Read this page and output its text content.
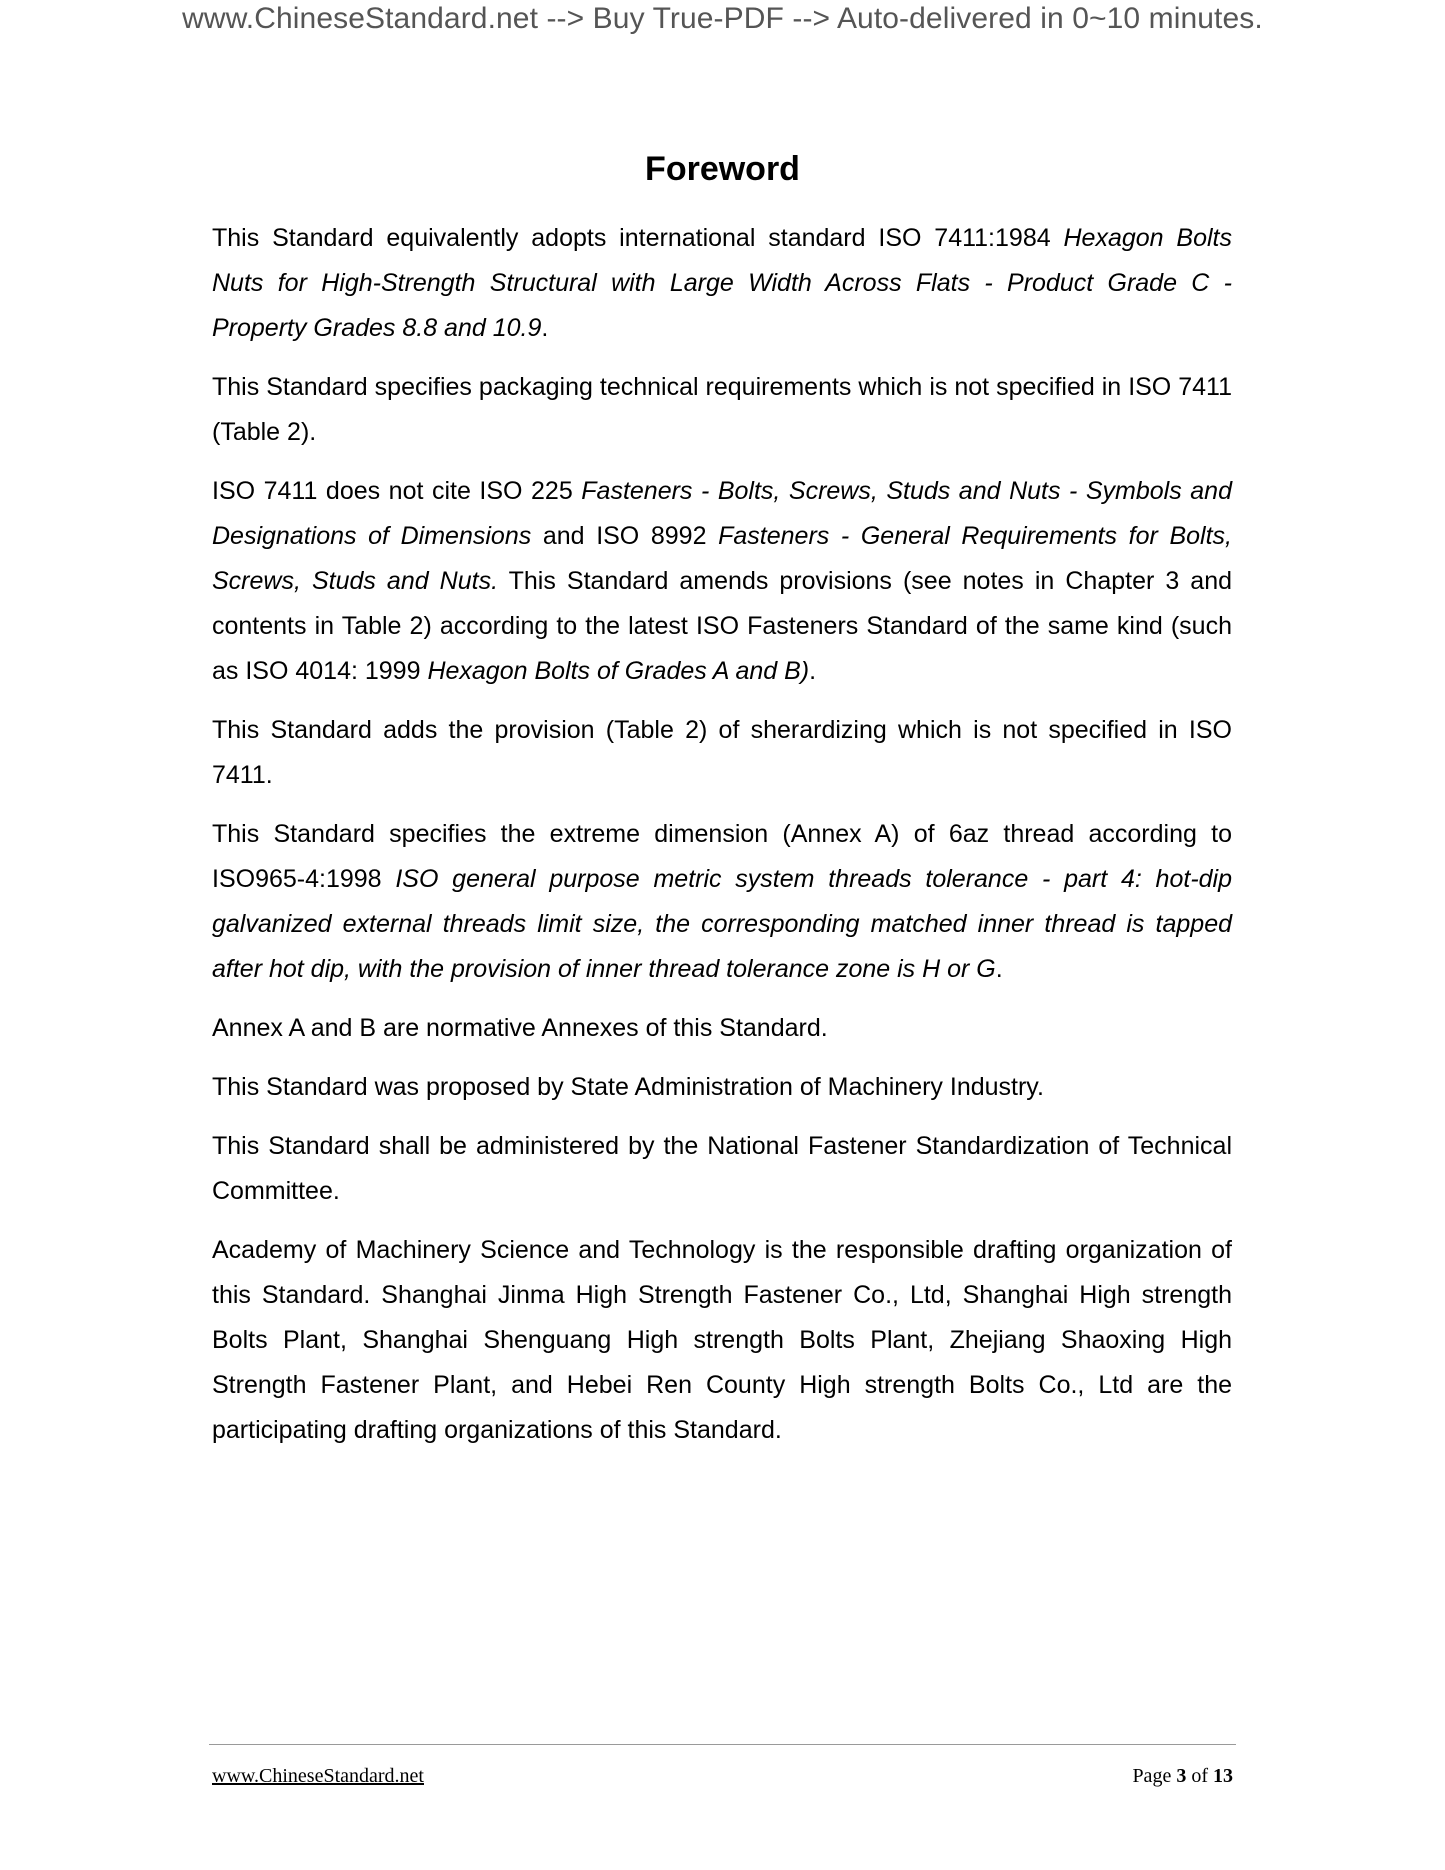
www.ChineseStandard.net --> Buy True-PDF --> Auto-delivered in 0~10 minutes.
Foreword

This Standard equivalently adopts international standard ISO 7411:1984 Hexagon Bolts Nuts for High-Strength Structural with Large Width Across Flats - Product Grade C - Property Grades 8.8 and 10.9.

This Standard specifies packaging technical requirements which is not specified in ISO 7411 (Table 2).

ISO 7411 does not cite ISO 225 Fasteners - Bolts, Screws, Studs and Nuts - Symbols and Designations of Dimensions and ISO 8992 Fasteners - General Requirements for Bolts, Screws, Studs and Nuts. This Standard amends provisions (see notes in Chapter 3 and contents in Table 2) according to the latest ISO Fasteners Standard of the same kind (such as ISO 4014: 1999 Hexagon Bolts of Grades A and B).

This Standard adds the provision (Table 2) of sherardizing which is not specified in ISO 7411.

This Standard specifies the extreme dimension (Annex A) of 6az thread according to ISO965-4:1998 ISO general purpose metric system threads tolerance - part 4: hot-dip galvanized external threads limit size, the corresponding matched inner thread is tapped after hot dip, with the provision of inner thread tolerance zone is H or G.

Annex A and B are normative Annexes of this Standard.

This Standard was proposed by State Administration of Machinery Industry.

This Standard shall be administered by the National Fastener Standardization of Technical Committee.

Academy of Machinery Science and Technology is the responsible drafting organization of this Standard. Shanghai Jinma High Strength Fastener Co., Ltd, Shanghai High strength Bolts Plant, Shanghai Shenguang High strength Bolts Plant, Zhejiang Shaoxing High Strength Fastener Plant, and Hebei Ren County High strength Bolts Co., Ltd are the participating drafting organizations of this Standard.

www.ChineseStandard.net	Page 3 of 13
